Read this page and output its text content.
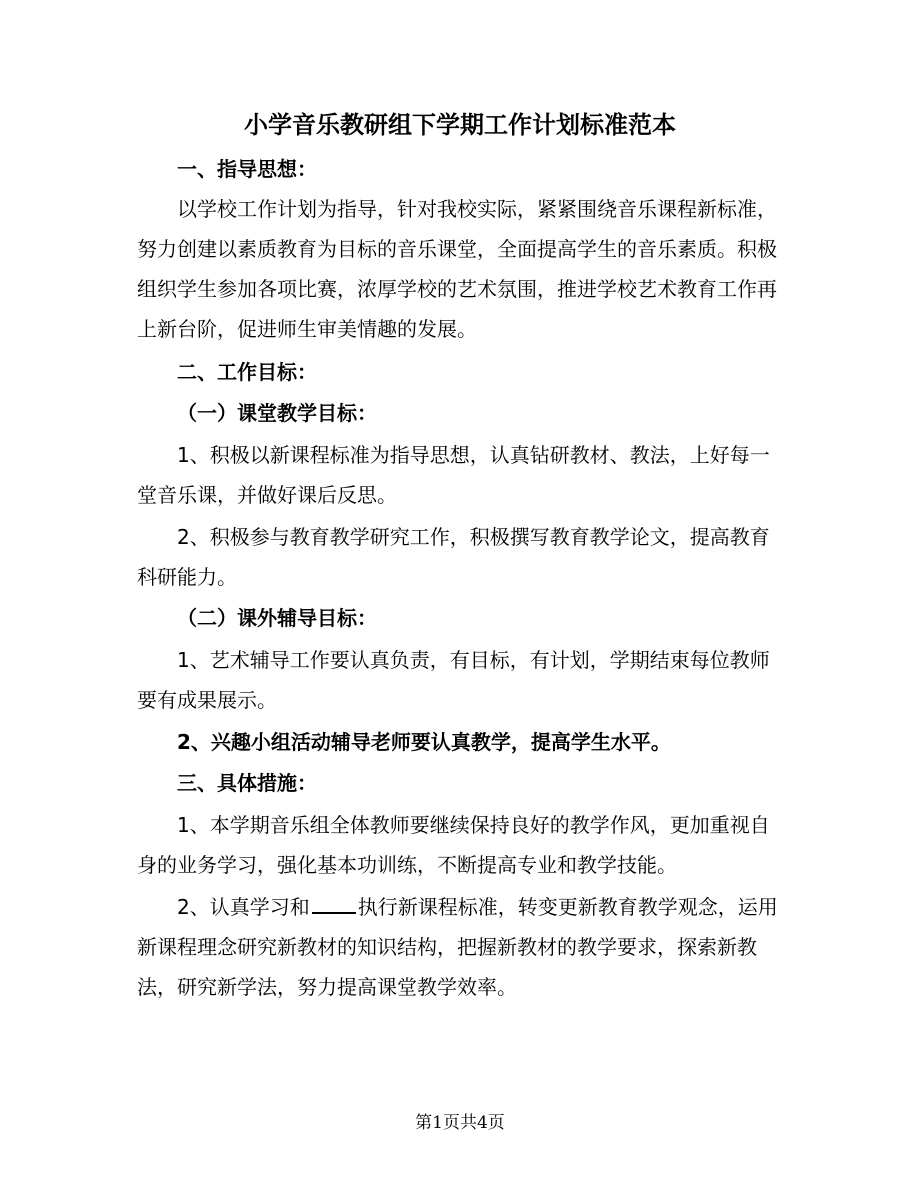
小学音乐教研组下学期工作计划标准范本
一、指导思想：

以学校工作计划为指导，针对我校实际，紧紧围绕音乐课程新标准，努力创建以素质教育为目标的音乐课堂，全面提高学生的音乐素质。积极组织学生参加各项比赛，浓厚学校的艺术氛围，推进学校艺术教育工作再上新台阶，促进师生审美情趣的发展。

二、工作目标：
（一）课堂教学目标：

1、积极以新课程标准为指导思想，认真钻研教材、教法，上好每一堂音乐课，并做好课后反思。

2、积极参与教育教学研究工作，积极撰写教育教学论文，提高教育科研能力。

（二）课外辅导目标：

1、艺术辅导工作要认真负责，有目标，有计划，学期结束每位教师要有成果展示。

2、兴趣小组活动辅导老师要认真教学，提高学生水平。

三、具体措施：

1、本学期音乐组全体教师要继续保持良好的教学作风，更加重视自身的业务学习，强化基本功训练，不断提高专业和教学技能。

2、认真学习和 执行新课程标准，转变更新教育教学观念，运用新课程理念研究新教材的知识结构，把握新教材的教学要求，探索新教法，研究新学法，努力提高课堂教学效率。

第1页共4页
